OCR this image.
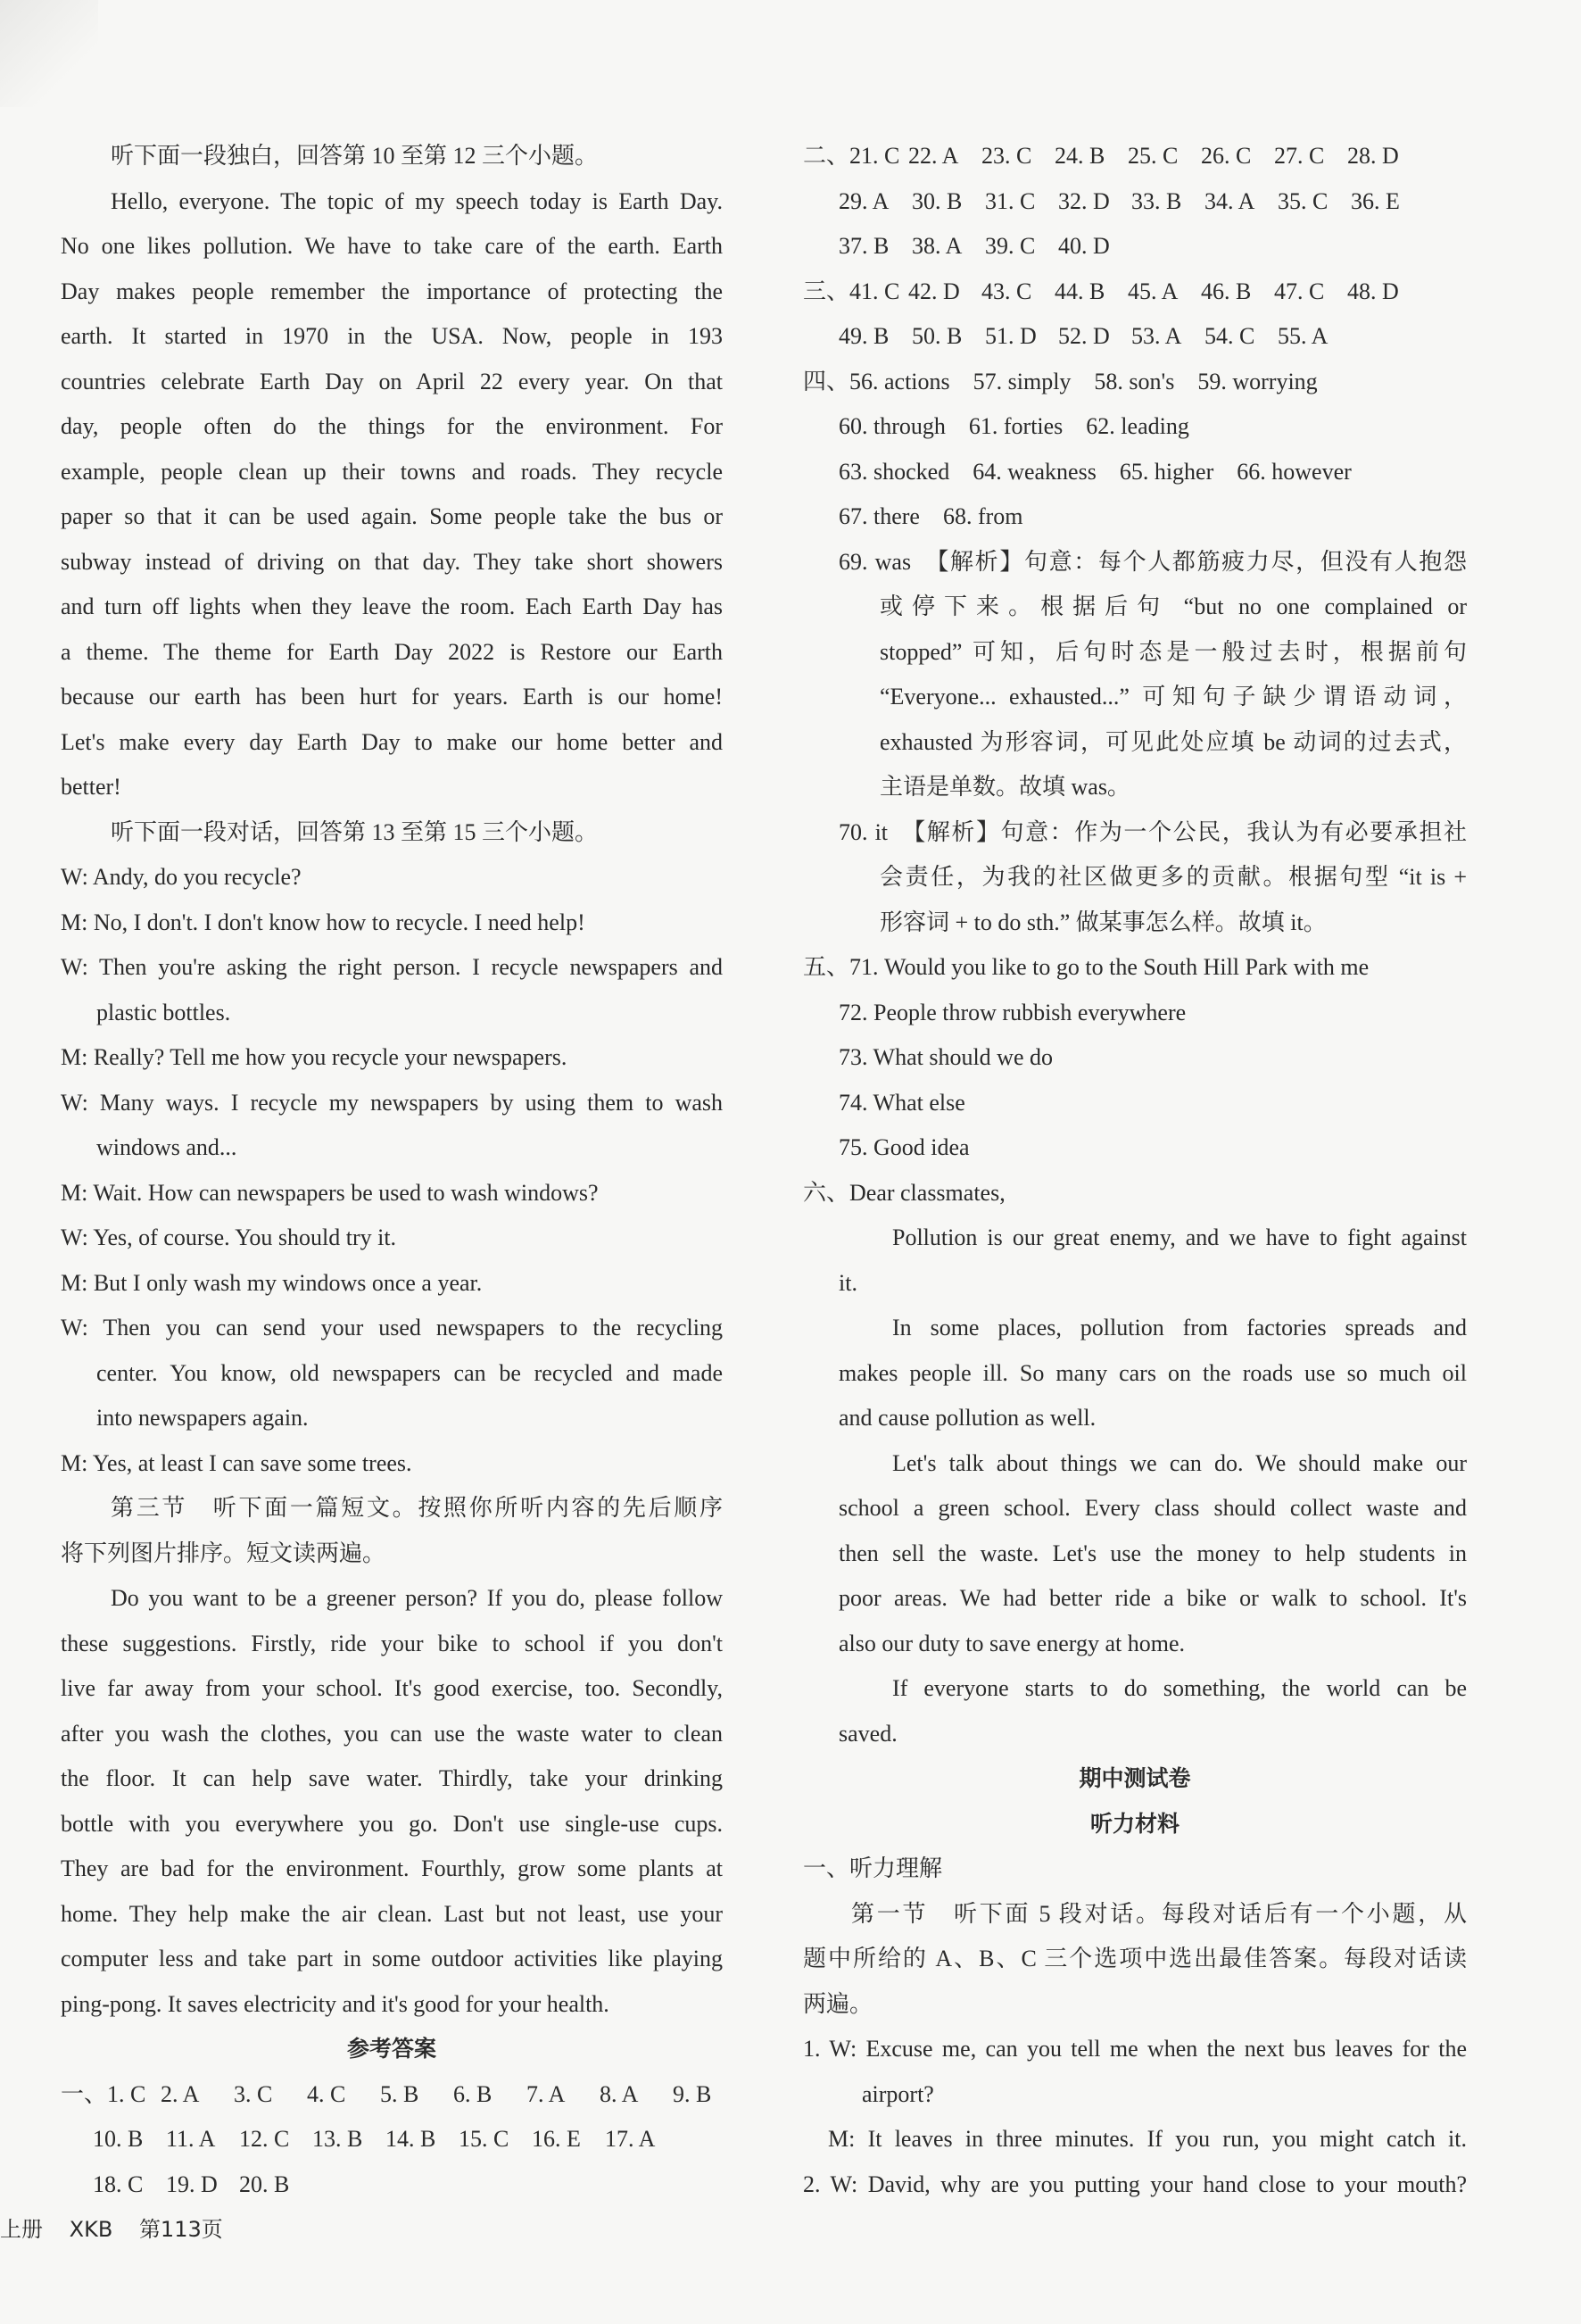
听下面一段独白，回答第 10 至第 12 三个小题。
Hello, everyone. The topic of my speech today is Earth Day.
No one likes pollution. We have to take care of the earth. Earth
Day makes people remember the importance of protecting the
earth. It started in 1970 in the USA. Now, people in 193
countries celebrate Earth Day on April 22 every year. On that
day, people often do the things for the environment. For
example, people clean up their towns and roads. They recycle
paper so that it can be used again. Some people take the bus or
subway instead of driving on that day. They take short showers
and turn off lights when they leave the room. Each Earth Day has
a theme. The theme for Earth Day 2022 is Restore our Earth
because our earth has been hurt for years. Earth is our home!
Let's make every day Earth Day to make our home better and
better!
听下面一段对话，回答第 13 至第 15 三个小题。
W: Andy, do you recycle?
M: No, I don't. I don't know how to recycle. I need help!
W: Then you're asking the right person. I recycle newspapers and
plastic bottles.
M: Really? Tell me how you recycle your newspapers.
W: Many ways. I recycle my newspapers by using them to wash
windows and...
M: Wait. How can newspapers be used to wash windows?
W: Yes, of course. You should try it.
M: But I only wash my windows once a year.
W: Then you can send your used newspapers to the recycling
center. You know, old newspapers can be recycled and made
into newspapers again.
M: Yes, at least I can save some trees.
第三节　听下面一篇短文。按照你所听内容的先后顺序
将下列图片排序。短文读两遍。
Do you want to be a greener person? If you do, please follow
these suggestions. Firstly, ride your bike to school if you don't
live far away from your school. It's good exercise, too. Secondly,
after you wash the clothes, you can use the waste water to clean
the floor. It can help save water. Thirdly, take your drinking
bottle with you everywhere you go. Don't use single-use cups.
They are bad for the environment. Fourthly, grow some plants at
home. They help make the air clean. Last but not least, use your
computer less and take part in some outdoor activities like playing
ping-pong. It saves electricity and it's good for your health.
参考答案
一、1. C 2. A 3. C 4. C 5. B 6. B 7. A 8. A 9. B
10. B 11. A 12. C 13. B 14. B 15. C 16. E 17. A
18. C 19. D 20. B
二、21. C 22. A 23. C 24. B 25. C 26. C 27. C 28. D
29. A 30. B 31. C 32. D 33. B 34. A 35. C 36. E
37. B 38. A 39. C 40. D
三、41. C 42. D 43. C 44. B 45. A 46. B 47. C 48. D
49. B 50. B 51. D 52. D 53. A 54. C 55. A
四、56. actions　57. simply　58. son's　59. worrying
60. through　61. forties　62. leading
63. shocked　64. weakness　65. higher　66. however
67. there　68. from
69. was　【解析】句意：每个人都筋疲力尽，但没有人抱怨
或停下来。根据后句 “but no one complained or
stopped” 可知，后句时态是一般过去时，根据前句
“Everyone... exhausted...” 可知句子缺少谓语动词，
exhausted 为形容词，可见此处应填 be 动词的过去式，
主语是单数。故填 was。
70. it　【解析】句意：作为一个公民，我认为有必要承担社
会责任，为我的社区做更多的贡献。根据句型 “it is +
形容词 + to do sth.” 做某事怎么样。故填 it。
五、71. Would you like to go to the South Hill Park with me
72. People throw rubbish everywhere
73. What should we do
74. What else
75. Good idea
六、Dear classmates,
Pollution is our great enemy, and we have to fight against
it.
In some places, pollution from factories spreads and
makes people ill. So many cars on the roads use so much oil
and cause pollution as well.
Let's talk about things we can do. We should make our
school a green school. Every class should collect waste and
then sell the waste. Let's use the money to help students in
poor areas. We had better ride a bike or walk to school. It's
also our duty to save energy at home.
If everyone starts to do something, the world can be
saved.
期中测试卷
听力材料
一、听力理解
第一节　听下面 5 段对话。每段对话后有一个小题，从
题中所给的 A、B、C 三个选项中选出最佳答案。每段对话读
两遍。
1. W: Excuse me, can you tell me when the next bus leaves for the
airport?
M: It leaves in three minutes. If you run, you might catch it.
2. W: David, why are you putting your hand close to your mouth?
上册 XKB 第113页
